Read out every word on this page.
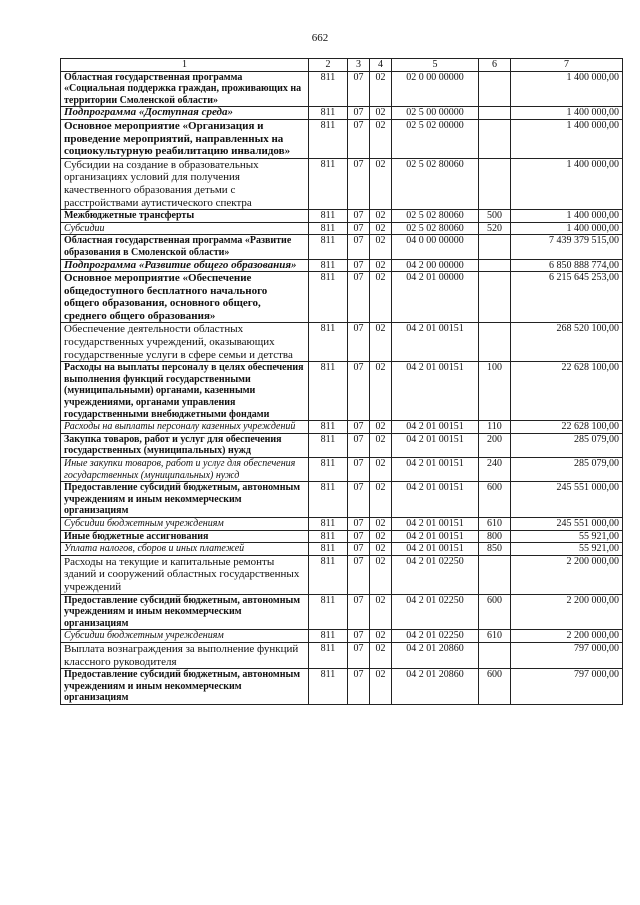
662
1	2	3	4	5	6	7
Областная государственная программа «Социальная поддержка граждан, проживающих на территории Смоленской области»	811	07	02	02 0 00 00000		1 400 000,00
Подпрограмма «Доступная среда»	811	07	02	02 5 00 00000		1 400 000,00
Основное мероприятие «Организация и проведение мероприятий, направленных на социокультурную реабилитацию инвалидов»	811	07	02	02 5 02 00000		1 400 000,00
Субсидии на создание в образовательных организациях условий для получения качественного образования детьми с расстройствами аутистического спектра	811	07	02	02 5 02 80060		1 400 000,00
Межбюджетные трансферты	811	07	02	02 5 02 80060	500	1 400 000,00
Субсидии	811	07	02	02 5 02 80060	520	1 400 000,00
Областная государственная программа «Развитие образования в Смоленской области»	811	07	02	04 0 00 00000		7 439 379 515,00
Подпрограмма «Развитие общего образования»	811	07	02	04 2 00 00000		6 850 888 774,00
Основное мероприятие «Обеспечение общедоступного бесплатного начального общего образования, основного общего, среднего общего образования»	811	07	02	04 2 01 00000		6 215 645 253,00
Обеспечение деятельности областных государственных учреждений, оказывающих государственные услуги в сфере семьи и детства	811	07	02	04 2 01 00151		268 520 100,00
Расходы на выплаты персоналу в целях обеспечения выполнения функций государственными (муниципальными) органами, казенными учреждениями, органами управления государственными внебюджетными фондами	811	07	02	04 2 01 00151	100	22 628 100,00
Расходы на выплаты персоналу казенных учреждений	811	07	02	04 2 01 00151	110	22 628 100,00
Закупка товаров, работ и услуг для обеспечения государственных (муниципальных) нужд	811	07	02	04 2 01 00151	200	285 079,00
Иные закупки товаров, работ и услуг для обеспечения государственных (муниципальных) нужд	811	07	02	04 2 01 00151	240	285 079,00
Предоставление субсидий бюджетным, автономным учреждениям и иным некоммерческим организациям	811	07	02	04 2 01 00151	600	245 551 000,00
Субсидии бюджетным учреждениям	811	07	02	04 2 01 00151	610	245 551 000,00
Иные бюджетные ассигнования	811	07	02	04 2 01 00151	800	55 921,00
Уплата налогов, сборов и иных платежей	811	07	02	04 2 01 00151	850	55 921,00
Расходы на текущие и капитальные ремонты зданий и сооружений областных государственных учреждений	811	07	02	04 2 01 02250		2 200 000,00
Предоставление субсидий бюджетным, автономным учреждениям и иным некоммерческим организациям	811	07	02	04 2 01 02250	600	2 200 000,00
Субсидии бюджетным учреждениям	811	07	02	04 2 01 02250	610	2 200 000,00
Выплата вознаграждения за выполнение функций классного руководителя	811	07	02	04 2 01 20860		797 000,00
Предоставление субсидий бюджетным, автономным учреждениям и иным некоммерческим организациям	811	07	02	04 2 01 20860	600	797 000,00
